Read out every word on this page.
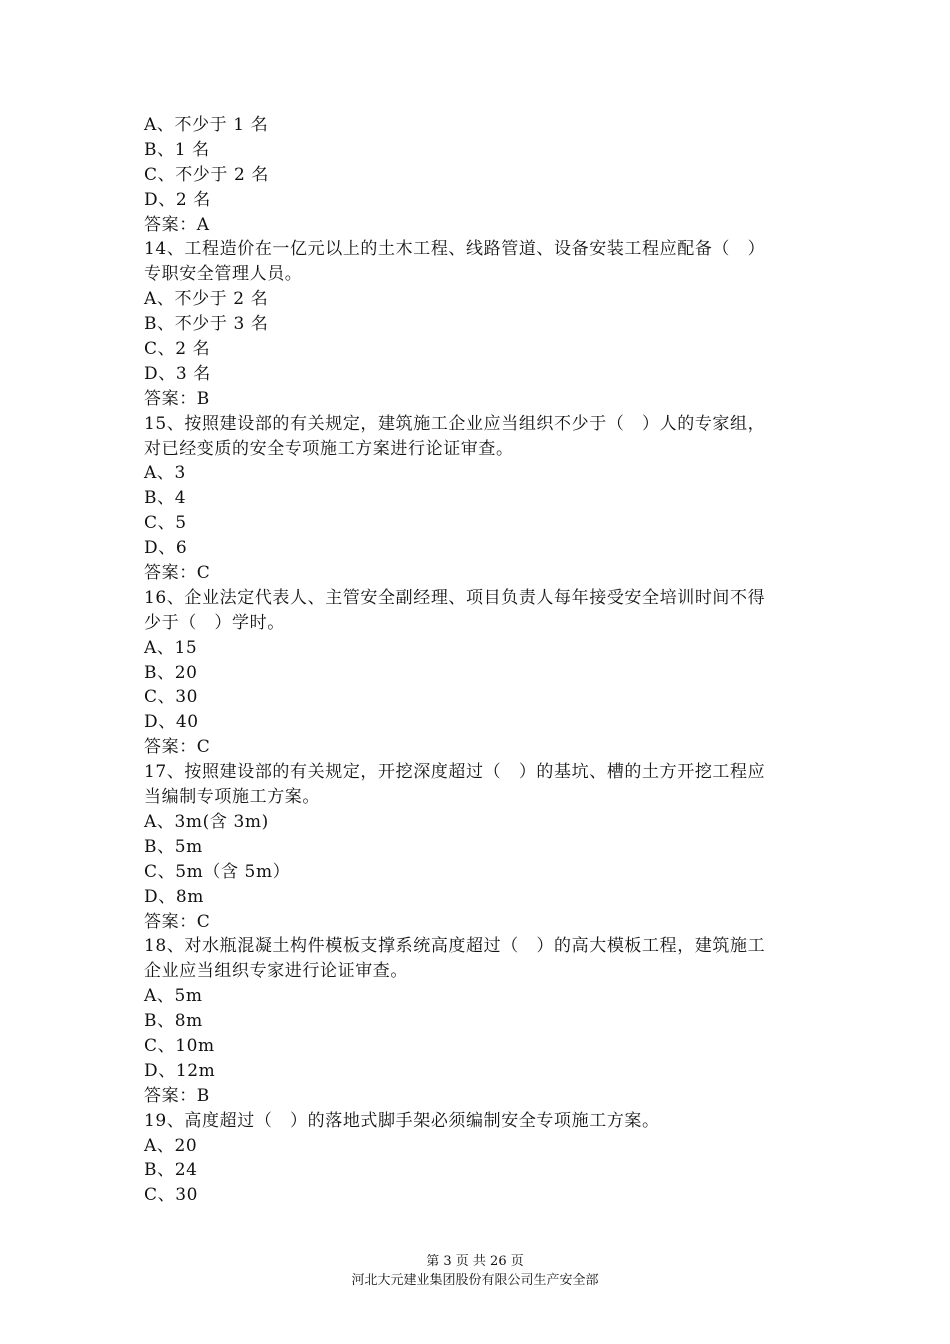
A、不少于 1 名
B、1 名
C、不少于 2 名
D、2 名
答案：A
14、工程造价在一亿元以上的土木工程、线路管道、设备安装工程应配备（　）
专职安全管理人员。
A、不少于 2 名
B、不少于 3 名
C、2 名
D、3 名
答案：B
15、按照建设部的有关规定，建筑施工企业应当组织不少于（　）人的专家组，
对已经变质的安全专项施工方案进行论证审查。
A、3
B、4
C、5
D、6
答案：C
16、企业法定代表人、主管安全副经理、项目负责人每年接受安全培训时间不得
少于（　）学时。
A、15
B、20
C、30
D、40
答案：C
17、按照建设部的有关规定，开挖深度超过（　）的基坑、槽的土方开挖工程应
当编制专项施工方案。
A、3m(含 3m)
B、5m
C、5m（含 5m）
D、8m
答案：C
18、对水瓶混凝土构件模板支撑系统高度超过（　）的高大模板工程，建筑施工
企业应当组织专家进行论证审查。
A、5m
B、8m
C、10m
D、12m
答案：B
19、高度超过（　）的落地式脚手架必须编制安全专项施工方案。
A、20
B、24
C、30
第 3 页 共 26 页
河北大元建业集团股份有限公司生产安全部
